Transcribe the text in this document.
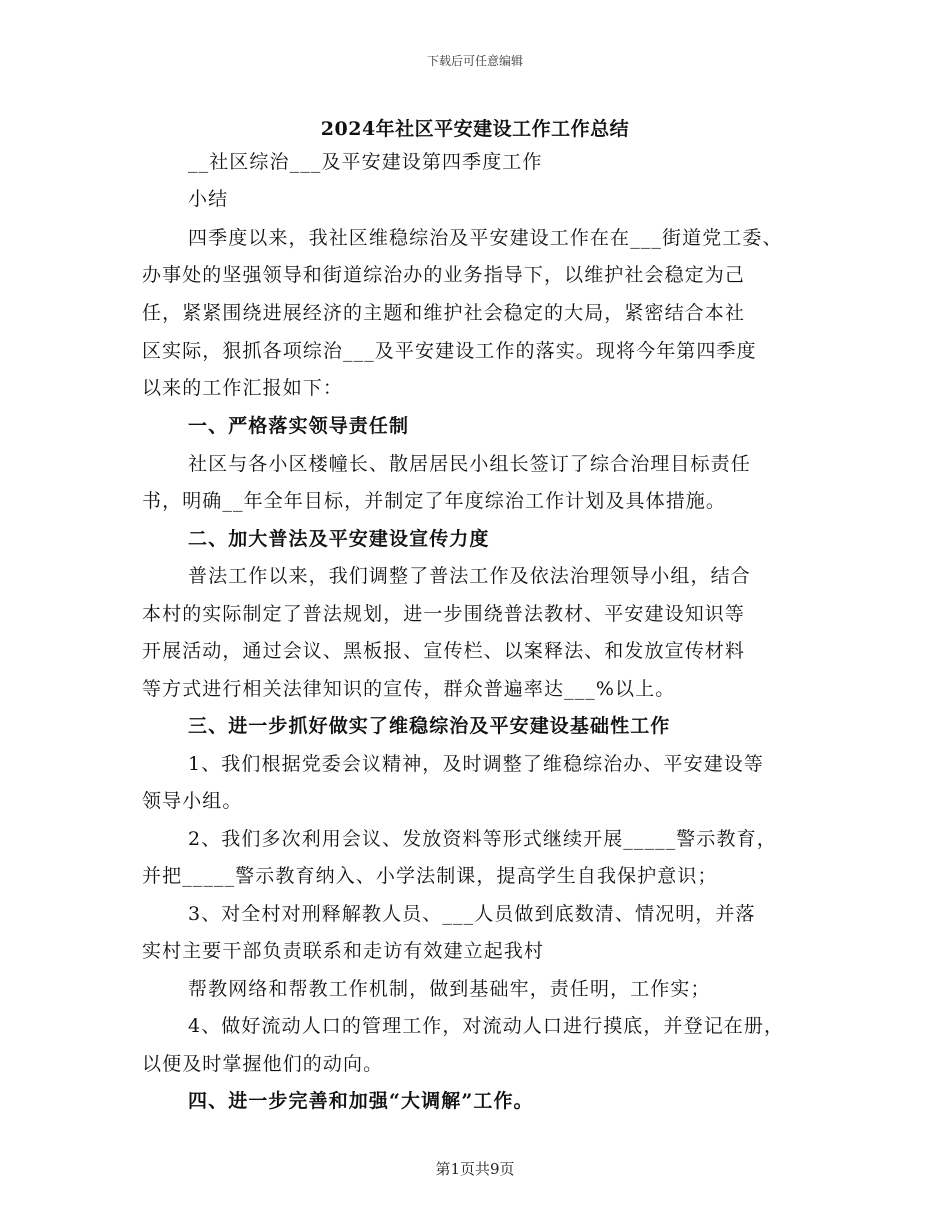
下载后可任意编辑
2024年社区平安建设工作工作总结
__社区综治___及平安建设第四季度工作
小结
四季度以来，我社区维稳综治及平安建设工作在在___街道党工委、
办事处的坚强领导和街道综治办的业务指导下，以维护社会稳定为己
任，紧紧围绕进展经济的主题和维护社会稳定的大局，紧密结合本社
区实际，狠抓各项综治___及平安建设工作的落实。现将今年第四季度
以来的工作汇报如下：
一、严格落实领导责任制
社区与各小区楼幢长、散居居民小组长签订了综合治理目标责任
书，明确__年全年目标，并制定了年度综治工作计划及具体措施。
二、加大普法及平安建设宣传力度
普法工作以来，我们调整了普法工作及依法治理领导小组，结合
本村的实际制定了普法规划，进一步围绕普法教材、平安建设知识等
开展活动，通过会议、黑板报、宣传栏、以案释法、和发放宣传材料
等方式进行相关法律知识的宣传，群众普遍率达___%以上。
三、进一步抓好做实了维稳综治及平安建设基础性工作
1、我们根据党委会议精神，及时调整了维稳综治办、平安建设等
领导小组。
2、我们多次利用会议、发放资料等形式继续开展_____警示教育，
并把_____警示教育纳入、小学法制课，提高学生自我保护意识；
3、对全村对刑释解教人员、___人员做到底数清、情况明，并落
实村主要干部负责联系和走访有效建立起我村
帮教网络和帮教工作机制，做到基础牢，责任明，工作实；
4、做好流动人口的管理工作，对流动人口进行摸底，并登记在册，
以便及时掌握他们的动向。
四、进一步完善和加强“大调解”工作。
第1页共9页
